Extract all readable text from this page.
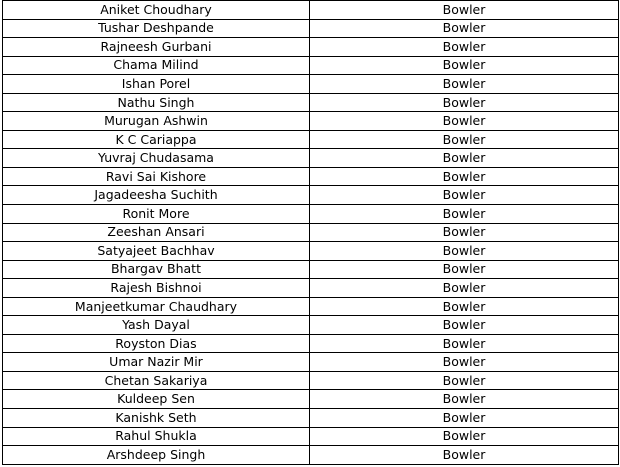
Aniket Choudhary	Bowler
Tushar Deshpande	Bowler
Rajneesh Gurbani	Bowler
Chama Milind	Bowler
Ishan Porel	Bowler
Nathu Singh	Bowler
Murugan Ashwin	Bowler
K C Cariappa	Bowler
Yuvraj Chudasama	Bowler
Ravi Sai Kishore	Bowler
Jagadeesha Suchith	Bowler
Ronit More	Bowler
Zeeshan Ansari	Bowler
Satyajeet Bachhav	Bowler
Bhargav Bhatt	Bowler
Rajesh Bishnoi	Bowler
Manjeetkumar Chaudhary	Bowler
Yash Dayal	Bowler
Royston Dias	Bowler
Umar Nazir Mir	Bowler
Chetan Sakariya	Bowler
Kuldeep Sen	Bowler
Kanishk Seth	Bowler
Rahul Shukla	Bowler
Arshdeep Singh	Bowler
